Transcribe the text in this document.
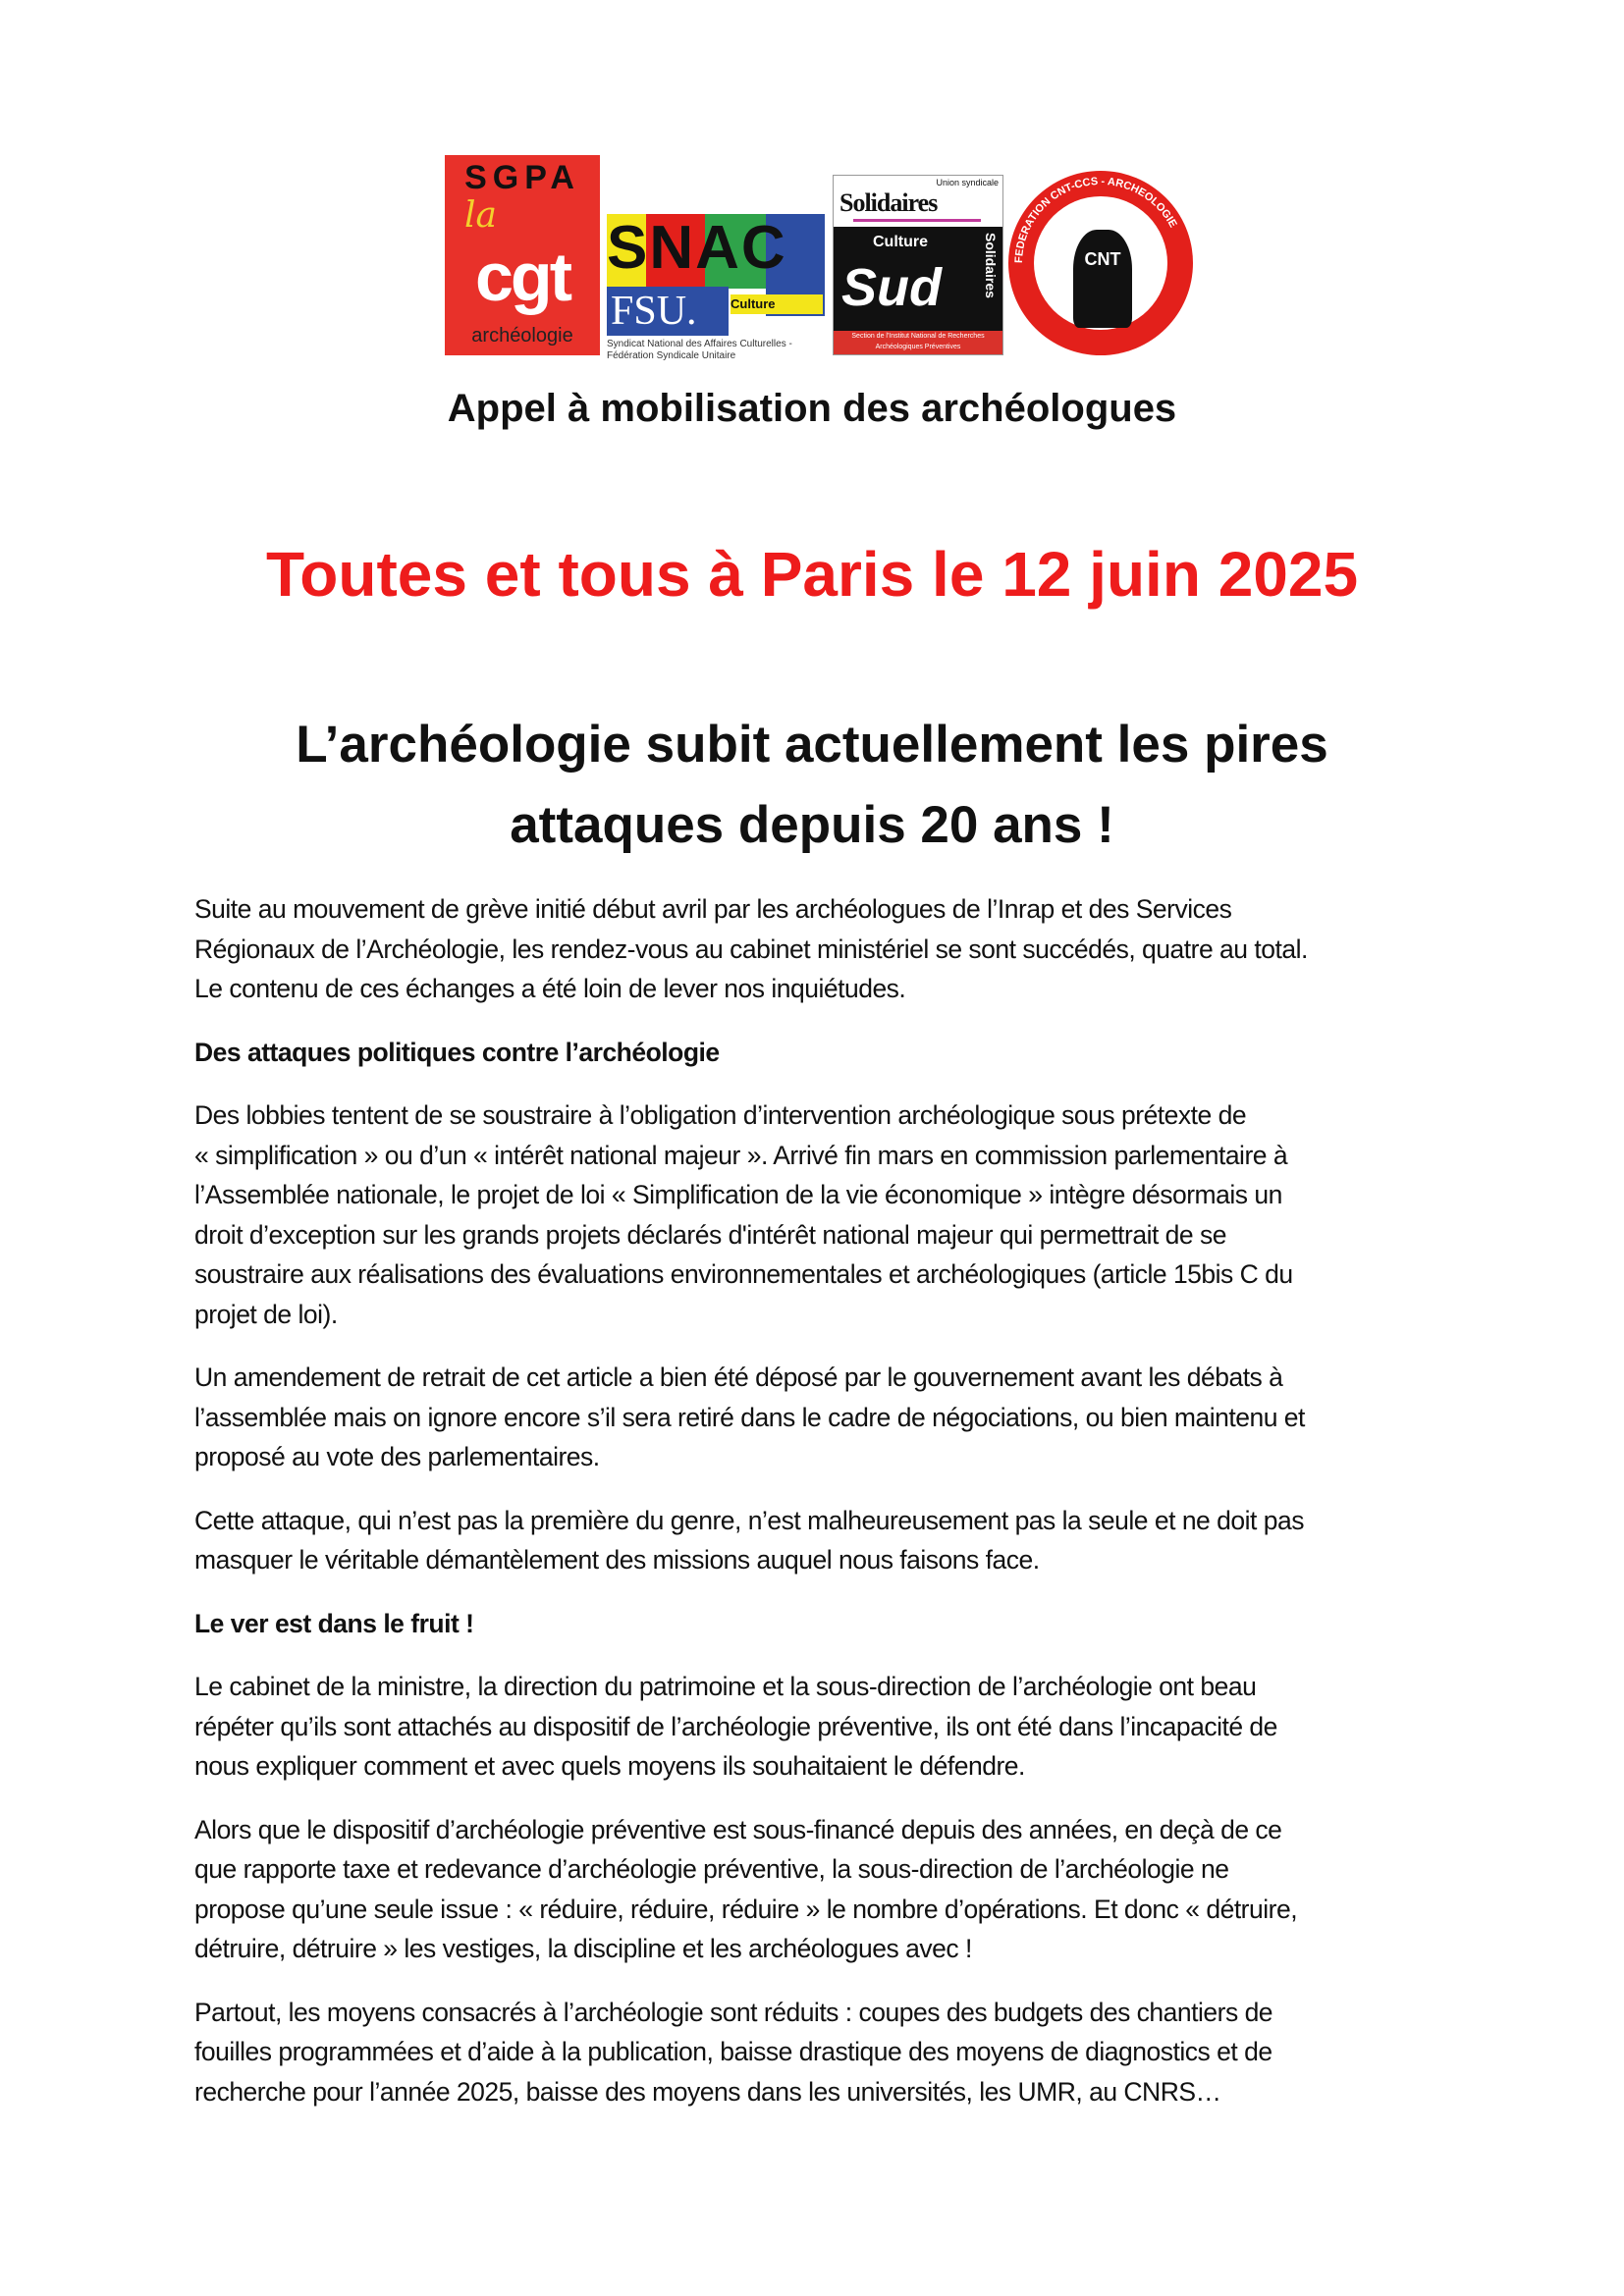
SGPA
la
cgt
archéologie
SNAC
FSU.	Culture
Syndicat National des Affaires Culturelles - Fédération Syndicale Unitaire
Union syndicale
Solidaires
Culture
Sud	Solidaires
Section de l'Institut National de Recherches Archéologiques Préventives
FEDERATION CNT-CCS - ARCHEOLOGIE
CNT
Appel à mobilisation des archéologues
Toutes et tous à Paris le 12 juin 2025
L’archéologie subit actuellement les pires
attaques depuis 20 ans !
Suite au mouvement de grève initié début avril par les archéologues de l’Inrap et des Services
Régionaux de l’Archéologie, les rendez-vous au cabinet ministériel se sont succédés, quatre au total.
Le contenu de ces échanges a été loin de lever nos inquiétudes.
Des attaques politiques contre l’archéologie
Des lobbies tentent de se soustraire à l’obligation d’intervention archéologique sous prétexte de
« simplification » ou d’un « intérêt national majeur ». Arrivé fin mars en commission parlementaire à
l’Assemblée nationale, le projet de loi « Simplification de la vie économique » intègre désormais un
droit d’exception sur les grands projets déclarés d'intérêt national majeur qui permettrait de se
soustraire aux réalisations des évaluations environnementales et archéologiques (article 15bis C du
projet de loi).
Un amendement de retrait de cet article a bien été déposé par le gouvernement avant les débats à
l’assemblée mais on ignore encore s’il sera retiré dans le cadre de négociations, ou bien maintenu et
proposé au vote des parlementaires.
Cette attaque, qui n’est pas la première du genre, n’est malheureusement pas la seule et ne doit pas
masquer le véritable démantèlement des missions auquel nous faisons face.
Le ver est dans le fruit !
Le cabinet de la ministre, la direction du patrimoine et la sous-direction de l’archéologie ont beau
répéter qu’ils sont attachés au dispositif de l’archéologie préventive, ils ont été dans l’incapacité de
nous expliquer comment et avec quels moyens ils souhaitaient le défendre.
Alors que le dispositif d’archéologie préventive est sous-financé depuis des années, en deçà de ce
que rapporte taxe et redevance d’archéologie préventive, la sous-direction de l’archéologie ne
propose qu’une seule issue : « réduire, réduire, réduire » le nombre d’opérations. Et donc « détruire,
détruire, détruire » les vestiges, la discipline et les archéologues avec !
Partout, les moyens consacrés à l’archéologie sont réduits : coupes des budgets des chantiers de
fouilles programmées et d’aide à la publication, baisse drastique des moyens de diagnostics et de
recherche pour l’année 2025, baisse des moyens dans les universités, les UMR, au CNRS…
